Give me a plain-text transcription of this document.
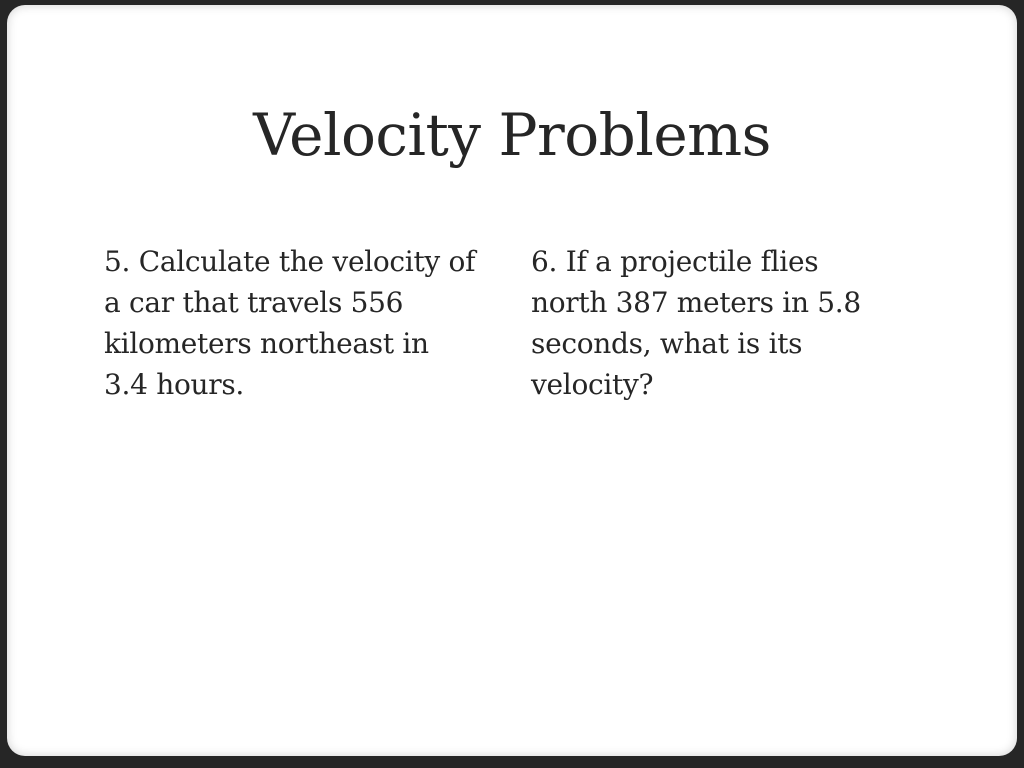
Velocity Problems
5. Calculate the velocity of
a car that travels 556
kilometers northeast in
3.4 hours.
6. If a projectile flies
north 387 meters in 5.8
seconds, what is its
velocity?
